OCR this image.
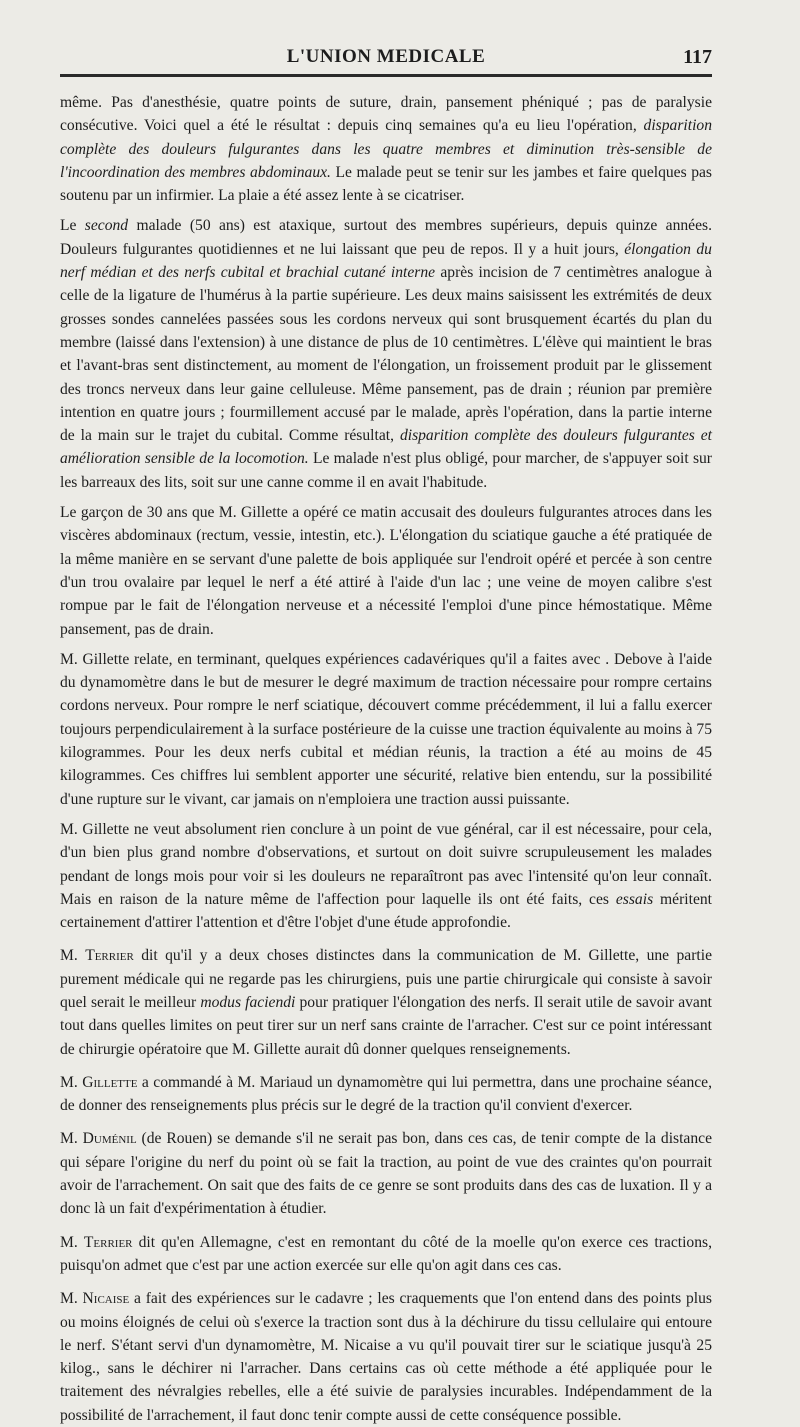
L'UNION MEDICALE	117

même. Pas d'anesthésie, quatre points de suture, drain, pansement phéniqué ; pas de paralysie consécutive. Voici quel a été le résultat : depuis cinq semaines qu'a eu lieu l'opération, disparition complète des douleurs fulgurantes dans les quatre membres et diminution très-sensible de l'incoordination des membres abdominaux. Le malade peut se tenir sur les jambes et faire quelques pas soutenu par un infirmier. La plaie a été assez lente à se cicatriser.

Le second malade (50 ans) est ataxique, surtout des membres supérieurs, depuis quinze années. Douleurs fulgurantes quotidiennes et ne lui laissant que peu de repos. Il y a huit jours, élongation du nerf médian et des nerfs cubital et brachial cutané interne après incision de 7 centimètres analogue à celle de la ligature de l'humérus à la partie supérieure. Les deux mains saisissent les extrémités de deux grosses sondes cannelées passées sous les cordons nerveux qui sont brusquement écartés du plan du membre (laissé dans l'extension) à une distance de plus de 10 centimètres. L'élève qui maintient le bras et l'avant-bras sent distinctement, au moment de l'élongation, un froissement produit par le glissement des troncs nerveux dans leur gaine celluleuse. Même pansement, pas de drain ; réunion par première intention en quatre jours ; fourmillement accusé par le malade, après l'opération, dans la partie interne de la main sur le trajet du cubital. Comme résultat, disparition complète des douleurs fulgurantes et amélioration sensible de la locomotion. Le malade n'est plus obligé, pour marcher, de s'appuyer soit sur les barreaux des lits, soit sur une canne comme il en avait l'habitude.

Le garçon de 30 ans que M. Gillette a opéré ce matin accusait des douleurs fulgurantes atroces dans les viscères abdominaux (rectum, vessie, intestin, etc.). L'élongation du sciatique gauche a été pratiquée de la même manière en se servant d'une palette de bois appliquée sur l'endroit opéré et percée à son centre d'un trou ovalaire par lequel le nerf a été attiré à l'aide d'un lac ; une veine de moyen calibre s'est rompue par le fait de l'élongation nerveuse et a nécessité l'emploi d'une pince hémostatique. Même pansement, pas de drain.

M. Gillette relate, en terminant, quelques expériences cadavériques qu'il a faites avec . Debove à l'aide du dynamomètre dans le but de mesurer le degré maximum de traction nécessaire pour rompre certains cordons nerveux. Pour rompre le nerf sciatique, découvert comme précédemment, il lui a fallu exercer toujours perpendiculairement à la surface postérieure de la cuisse une traction équivalente au moins à 75 kilogrammes. Pour les deux nerfs cubital et médian réunis, la traction a été au moins de 45 kilogrammes. Ces chiffres lui semblent apporter une sécurité, relative bien entendu, sur la possibilité d'une rupture sur le vivant, car jamais on n'emploiera une traction aussi puissante.

M. Gillette ne veut absolument rien conclure à un point de vue général, car il est nécessaire, pour cela, d'un bien plus grand nombre d'observations, et surtout on doit suivre scrupuleusement les malades pendant de longs mois pour voir si les douleurs ne reparaîtront pas avec l'intensité qu'on leur connaît. Mais en raison de la nature même de l'affection pour laquelle ils ont été faits, ces essais méritent certainement d'attirer l'attention et d'être l'objet d'une étude approfondie.

M. Terrier dit qu'il y a deux choses distinctes dans la communication de M. Gillette, une partie purement médicale qui ne regarde pas les chirurgiens, puis une partie chirurgicale qui consiste à savoir quel serait le meilleur modus faciendi pour pratiquer l'élongation des nerfs. Il serait utile de savoir avant tout dans quelles limites on peut tirer sur un nerf sans crainte de l'arracher. C'est sur ce point intéressant de chirurgie opératoire que M. Gillette aurait dû donner quelques renseignements.

M. Gillette a commandé à M. Mariaud un dynamomètre qui lui permettra, dans une prochaine séance, de donner des renseignements plus précis sur le degré de la traction qu'il convient d'exercer.

M. Duménil (de Rouen) se demande s'il ne serait pas bon, dans ces cas, de tenir compte de la distance qui sépare l'origine du nerf du point où se fait la traction, au point de vue des craintes qu'on pourrait avoir de l'arrachement. On sait que des faits de ce genre se sont produits dans des cas de luxation. Il y a donc là un fait d'expérimentation à étudier.

M. Terrier dit qu'en Allemagne, c'est en remontant du côté de la moelle qu'on exerce ces tractions, puisqu'on admet que c'est par une action exercée sur elle qu'on agit dans ces cas.

M. Nicaise a fait des expériences sur le cadavre ; les craquements que l'on entend dans des points plus ou moins éloignés de celui où s'exerce la traction sont dus à la déchirure du tissu cellulaire qui entoure le nerf. S'étant servi d'un dynamomètre, M. Nicaise a vu qu'il pouvait tirer sur le sciatique jusqu'à 25 kilog., sans le déchirer ni l'arracher. Dans certains cas où cette méthode a été appliquée pour le traitement des névralgies rebelles, elle a été suivie de paralysies incurables. Indépendamment de la possibilité de l'arrachement, il faut donc tenir compte aussi de cette conséquence possible.
